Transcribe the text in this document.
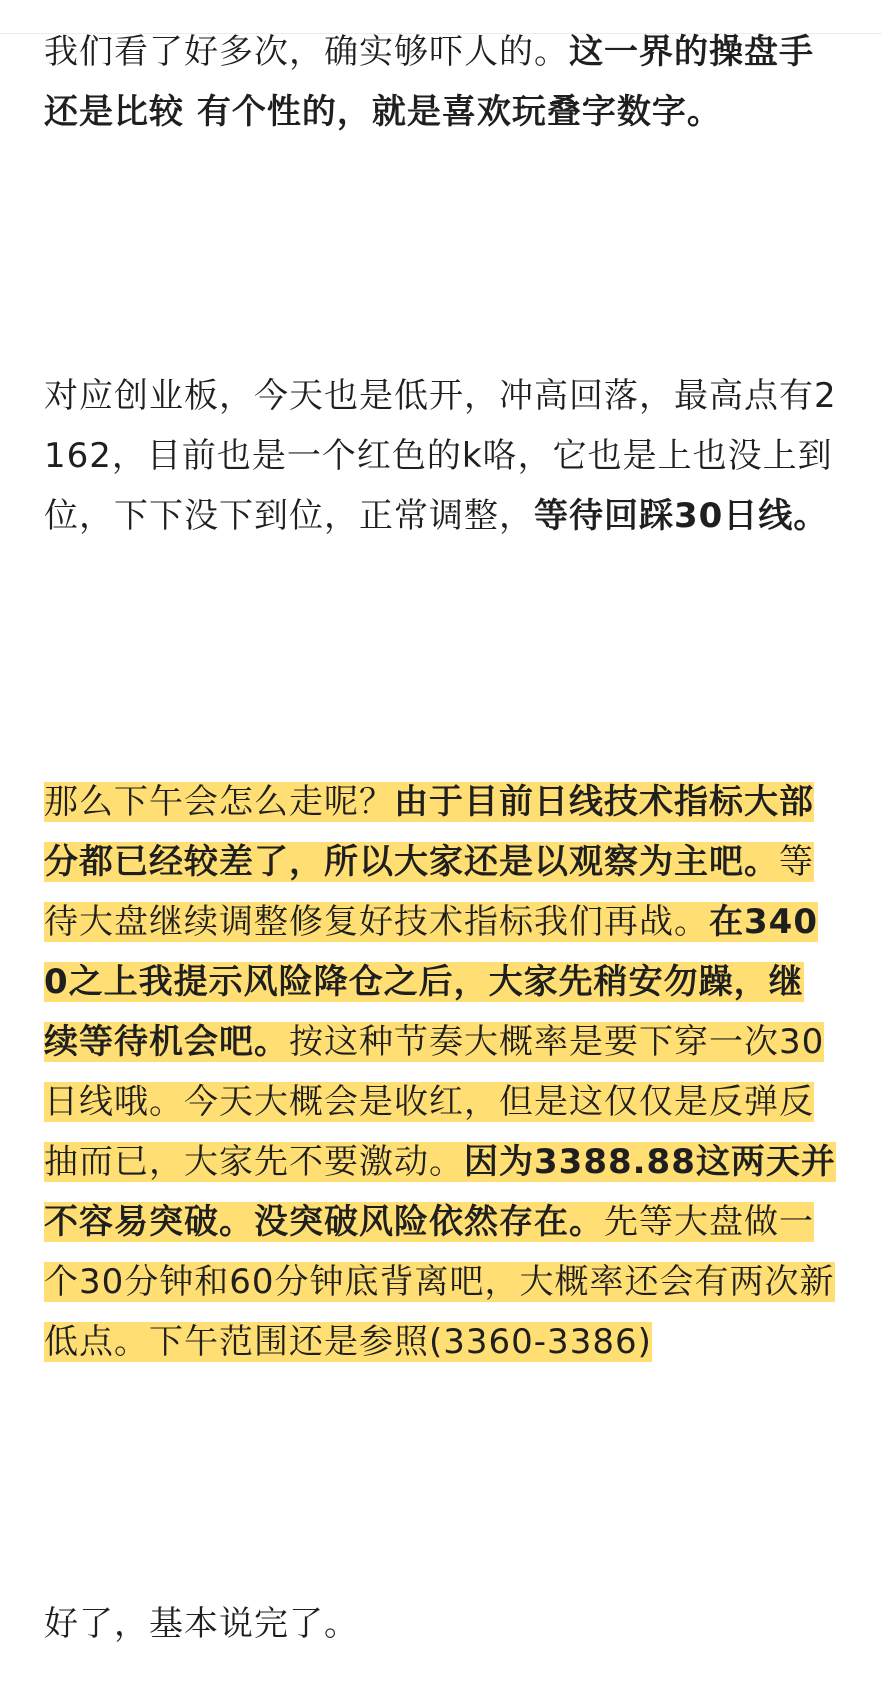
我们看了好多次，确实够吓人的。这一界的操盘手还是比较 有个性的，就是喜欢玩叠字数字。

对应创业板，今天也是低开，冲高回落，最高点有2162，目前也是一个红色的k咯，它也是上也没上到位，下下没下到位，正常调整，等待回踩30日线。

那么下午会怎么走呢？由于目前日线技术指标大部分都已经较差了，所以大家还是以观察为主吧。等待大盘继续调整修复好技术指标我们再战。在3400之上我提示风险降仓之后，大家先稍安勿躁，继续等待机会吧。按这种节奏大概率是要下穿一次30日线哦。今天大概会是收红，但是这仅仅是反弹反抽而已，大家先不要激动。因为3388.88这两天并不容易突破。没突破风险依然存在。先等大盘做一个30分钟和60分钟底背离吧，大概率还会有两次新低点。下午范围还是参照(3360-3386)

好了，基本说完了。
